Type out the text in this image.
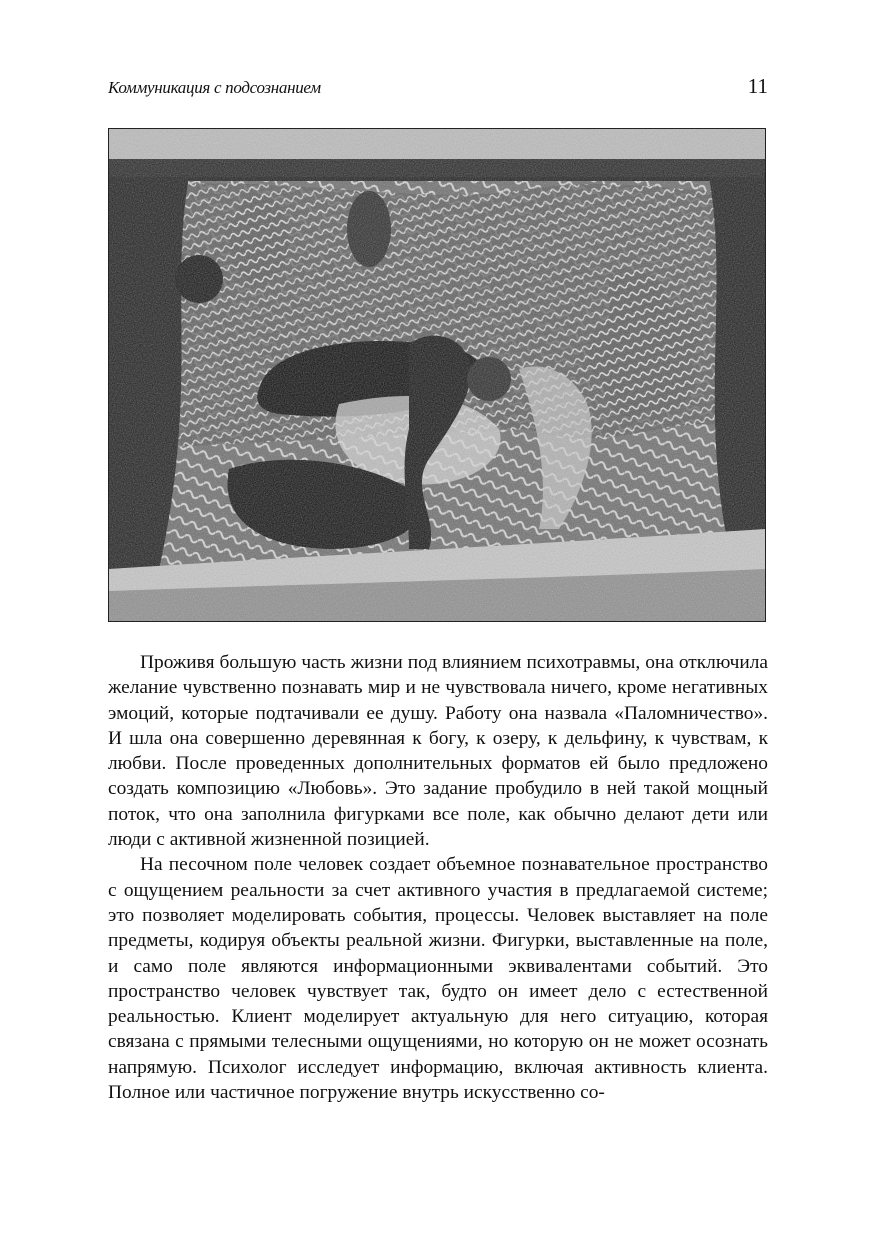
Коммуникация с подсознанием	11

Проживя большую часть жизни под влиянием психотравмы, она отключила желание чувственно познавать мир и не чувствовала ничего, кроме негативных эмоций, которые подтачивали ее душу. Работу она назвала «Паломничество». И шла она совершенно деревянная к богу, к озеру, к дельфину, к чувствам, к любви. После проведенных дополнительных форматов ей было предложено создать композицию «Любовь». Это задание пробудило в ней такой мощный поток, что она заполнила фигурками все поле, как обычно делают дети или люди с активной жизненной позицией.

На песочном поле человек создает объемное познавательное пространство с ощущением реальности за счет активного участия в предлагаемой системе; это позволяет моделировать события, процессы. Человек выставляет на поле предметы, кодируя объекты реальной жизни. Фигурки, выставленные на поле, и само поле являются информационными эквивалентами событий. Это пространство человек чувствует так, будто он имеет дело с естественной реальностью. Клиент моделирует актуальную для него ситуацию, которая связана с прямыми телесными ощущениями, но которую он не может осознать напрямую. Психолог исследует информацию, включая активность клиента. Полное или частичное погружение внутрь искусственно со-
